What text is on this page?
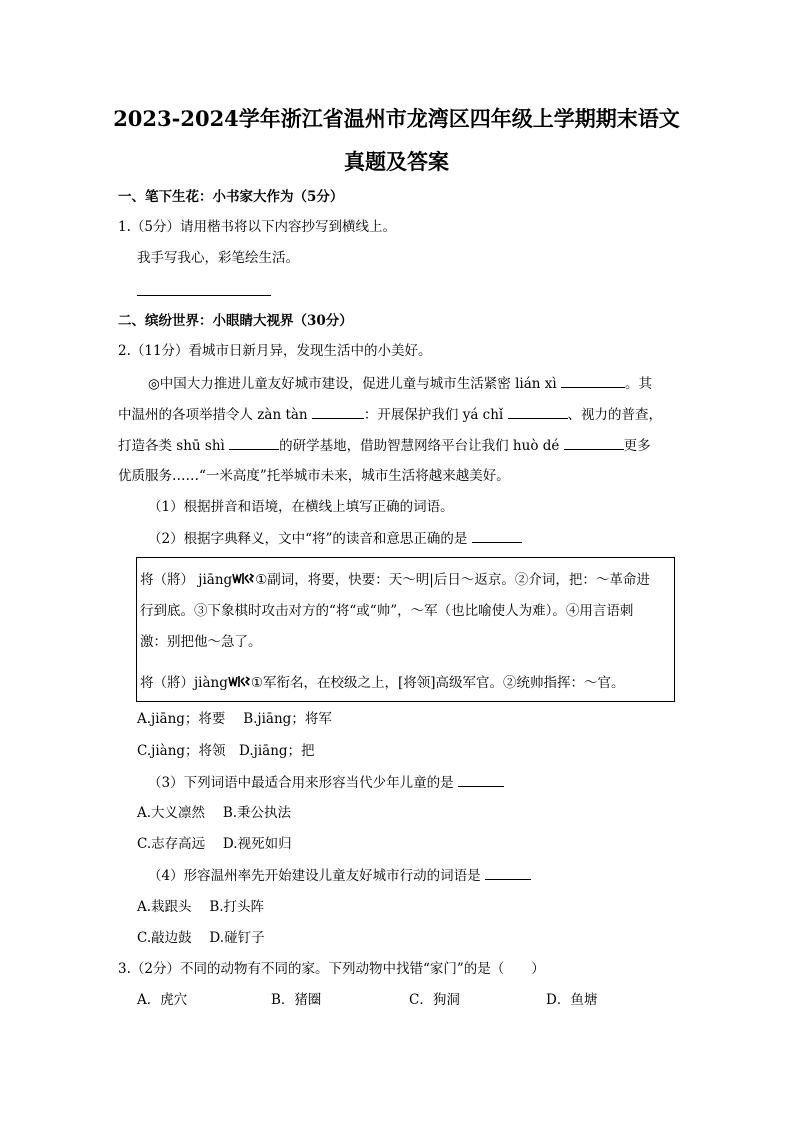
2023-2024学年浙江省温州市龙湾区四年级上学期期末语文
真题及答案
一、笔下生花：小书家大作为（5分）
1.（5分）请用楷书将以下内容抄写到横线上。
我手写我心，彩笔绘生活。
二、缤纷世界：小眼睛大视界（30分）
2.（11分）看城市日新月异，发现生活中的小美好。
◎中国大力推进儿童友好城市建设，促进儿童与城市生活紧密 lián xì	。其
中温州的各项举措令人 zàn tàn	：开展保护我们 yá chǐ	、视力的普查，
打造各类 shū shì	的研学基地，借助智慧网络平台让我们 huò dé	更多
优质服务……“一米高度”托举城市未来，城市生活将越来越美好。
（1）根据拼音和语境，在横线上填写正确的词语。
（2）根据字典释义，文中“将”的读音和意思正确的是
将（將） jiāng ①副词，将要，快要：天～明|后日～返京。②介词，把：～革命进
行到底。③下象棋时攻击对方的“将“或“帅”，～军（也比喻使人为难）。④用言语刺
激：别把他～急了。
将（將）jiàng ①军衔名，在校级之上，[将领]高级军官。②统帅指挥：～官。
A.jiāng；将要　 B.jiāng；将军
C.jiàng；将领　D.jiāng；把
（3）下列词语中最适合用来形容当代少年儿童的是
A.大义凛然　 B.秉公执法
C.志存高远　 D.视死如归
（4）形容温州率先开始建设儿童友好城市行动的词语是
A.栽跟头　 B.打头阵
C.敲边鼓　 D.碰钉子
3.（2分）不同的动物有不同的家。下列动物中找错“家门”的是（　　）
A．虎穴	B．猪圈	C．狗洞	D．鱼塘
